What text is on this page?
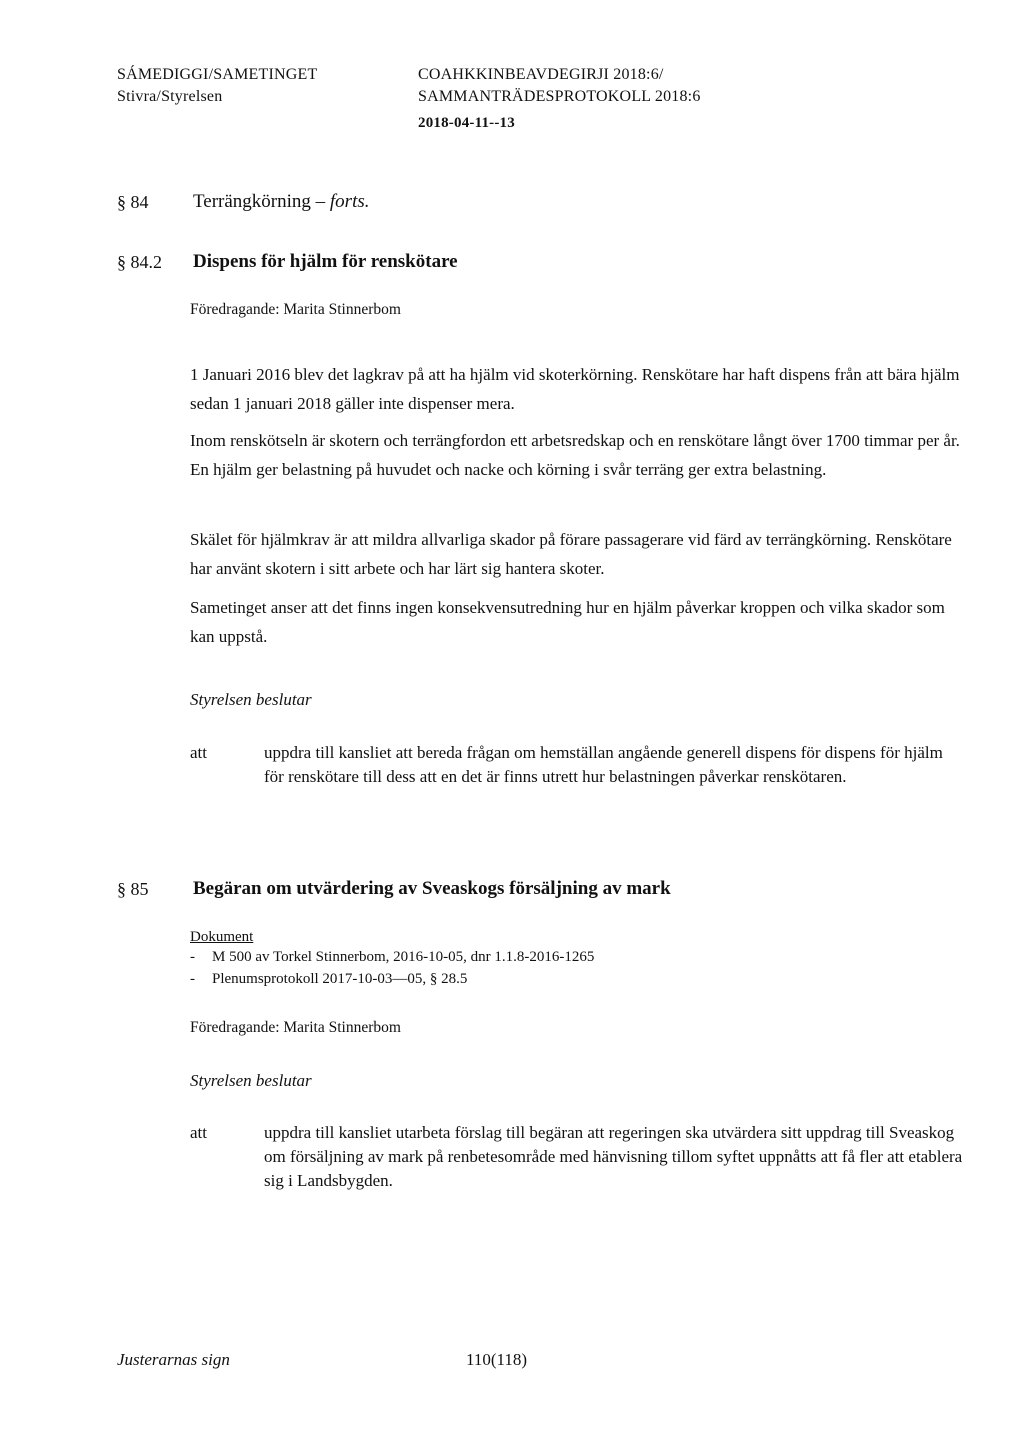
SÁMEDIGGI/SAMETINGET
Stivra/Styrelsen
COAHKKINBEAVDEGIRJI 2018:6/
SAMMANTRÄDESPROTOKOLL 2018:6
2018-04-11--13
§ 84 Terrängkörning – forts.
§ 84.2 Dispens för hjälm för renskötare
Föredragande: Marita Stinnerbom
1 Januari 2016 blev det lagkrav på att ha hjälm vid skoterkörning. Renskötare har haft dispens från att bära hjälm sedan 1 januari 2018 gäller inte dispenser mera.
Inom renskötseln är skotern och terrängfordon ett arbetsredskap och en renskötare långt över 1700 timmar per år. En hjälm ger belastning på huvudet och nacke och körning i svår terräng ger extra belastning.
Skälet för hjälmkrav är att mildra allvarliga skador på förare passagerare vid färd av terrängkörning. Renskötare har använt skotern i sitt arbete och har lärt sig hantera skoter.
Sametinget anser att det finns ingen konsekvensutredning hur en hjälm påverkar kroppen och vilka skador som kan uppstå.
Styrelsen beslutar
att	uppdra till kansliet att bereda frågan om hemställan angående generell dispens för dispens för hjälm för renskötare till dess att en det är finns utrett hur belastningen påverkar renskötaren.
§ 85 Begäran om utvärdering av Sveaskogs försäljning av mark
Dokument
- M 500 av Torkel Stinnerbom, 2016-10-05, dnr 1.1.8-2016-1265
- Plenumsprotokoll 2017-10-03—05, § 28.5
Föredragande: Marita Stinnerbom
Styrelsen beslutar
att	uppdra till kansliet utarbeta förslag till begäran att regeringen ska utvärdera sitt uppdrag till Sveaskog om försäljning av mark på renbetesområde med hänvisning tillom syftet uppnåtts att få fler att etablera sig i Landsbygden.
Justerarnas sign	110(118)
